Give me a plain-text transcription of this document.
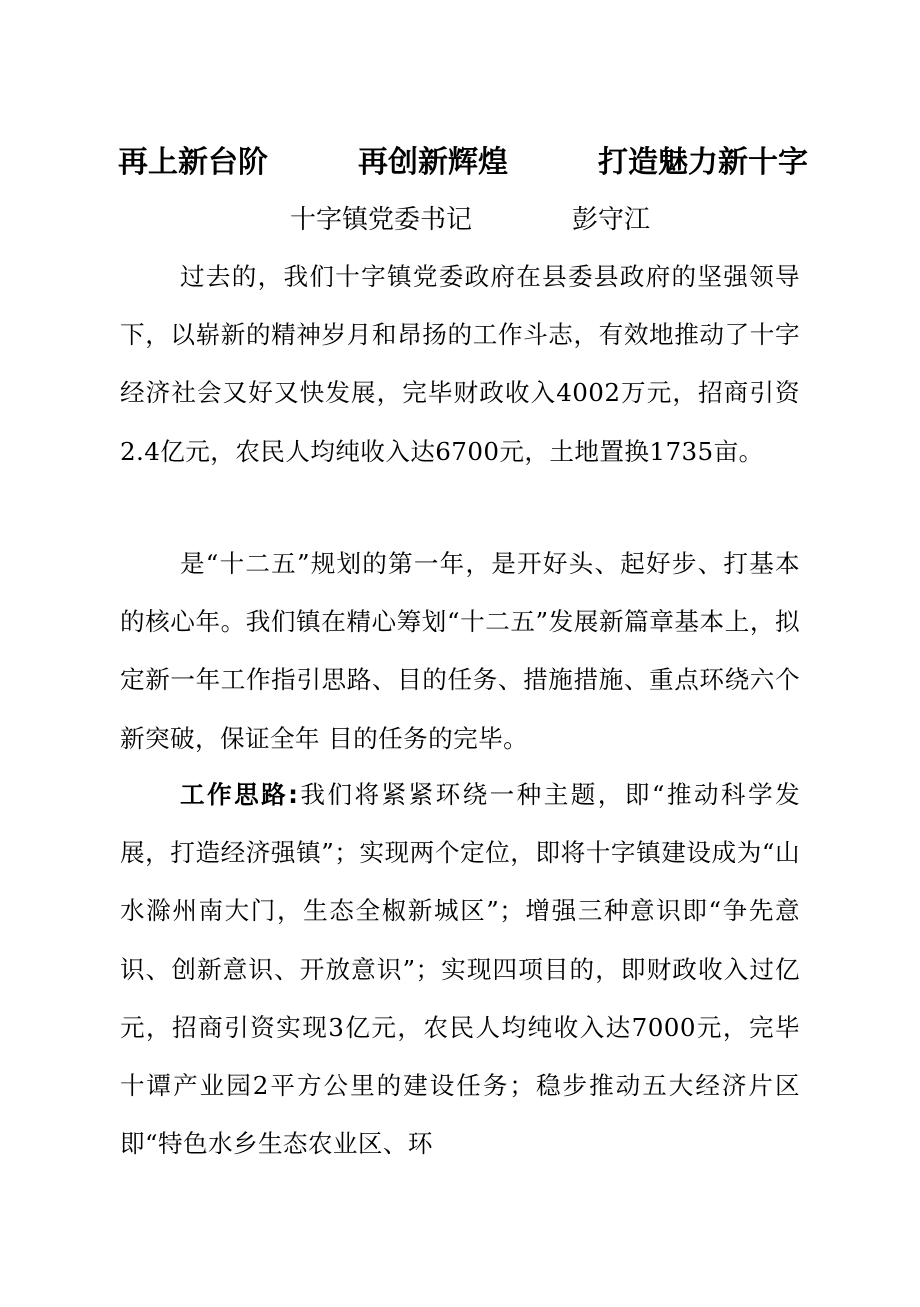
再上新台阶	再创新辉煌	打造魅力新十字
十字镇党委书记	彭守江

过去的，我们十字镇党委政府在县委县政府的坚强领导下，以崭新的精神岁月和昂扬的工作斗志，有效地推动了十字经济社会又好又快发展，完毕财政收入4002万元，招商引资2.4亿元，农民人均纯收入达6700元，土地置换1735亩。

是“十二五”规划的第一年，是开好头、起好步、打基本的核心年。我们镇在精心筹划“十二五”发展新篇章基本上，拟定新一年工作指引思路、目的任务、措施措施、重点环绕六个新突破，保证全年 目的任务的完毕。

工作思路:我们将紧紧环绕一种主题，即“推动科学发展，打造经济强镇”；实现两个定位，即将十字镇建设成为“山水滁州南大门，生态全椒新城区”；增强三种意识即“争先意识、创新意识、开放意识”；实现四项目的，即财政收入过亿元，招商引资实现3亿元，农民人均纯收入达7000元，完毕十谭产业园2平方公里的建设任务；稳步推动五大经济片区即“特色水乡生态农业区、环
